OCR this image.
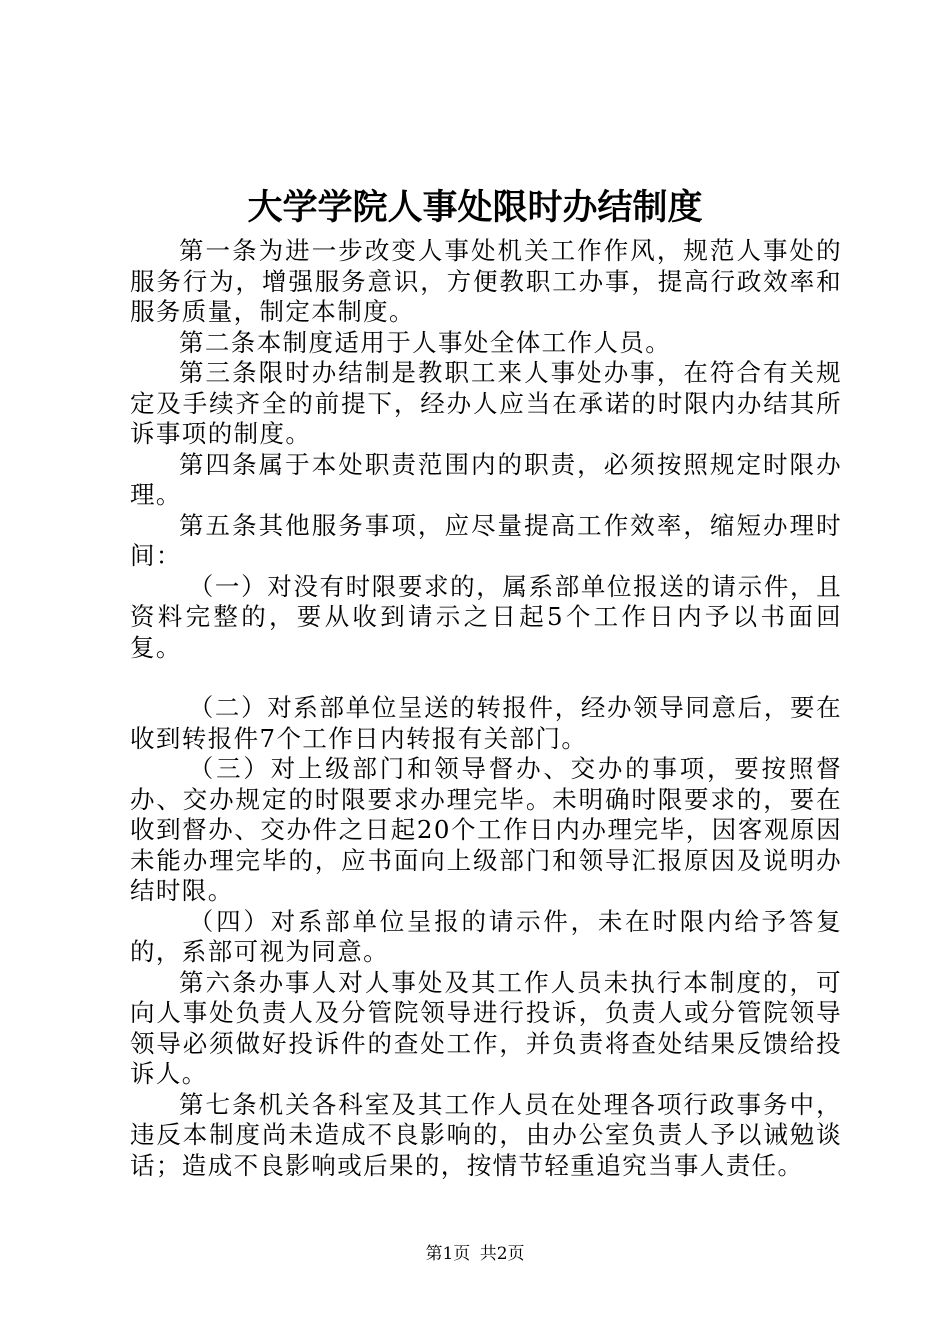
大学学院人事处限时办结制度

第一条为进一步改变人事处机关工作作风，规范人事处的服务行为，增强服务意识，方便教职工办事，提高行政效率和服务质量，制定本制度。

第二条本制度适用于人事处全体工作人员。

第三条限时办结制是教职工来人事处办事，在符合有关规定及手续齐全的前提下，经办人应当在承诺的时限内办结其所诉事项的制度。

第四条属于本处职责范围内的职责，必须按照规定时限办理。

第五条其他服务事项，应尽量提高工作效率，缩短办理时间：

（一）对没有时限要求的，属系部单位报送的请示件，且资料完整的，要从收到请示之日起5个工作日内予以书面回复。

（二）对系部单位呈送的转报件，经办领导同意后，要在收到转报件7个工作日内转报有关部门。

（三）对上级部门和领导督办、交办的事项，要按照督办、交办规定的时限要求办理完毕。未明确时限要求的，要在收到督办、交办件之日起20个工作日内办理完毕，因客观原因未能办理完毕的，应书面向上级部门和领导汇报原因及说明办结时限。

（四）对系部单位呈报的请示件，未在时限内给予答复的，系部可视为同意。

第六条办事人对人事处及其工作人员未执行本制度的，可向人事处负责人及分管院领导进行投诉，负责人或分管院领导领导必须做好投诉件的查处工作，并负责将查处结果反馈给投诉人。

第七条机关各科室及其工作人员在处理各项行政事务中，违反本制度尚未造成不良影响的，由办公室负责人予以诫勉谈话；造成不良影响或后果的，按情节轻重追究当事人责任。

第1页 共2页
